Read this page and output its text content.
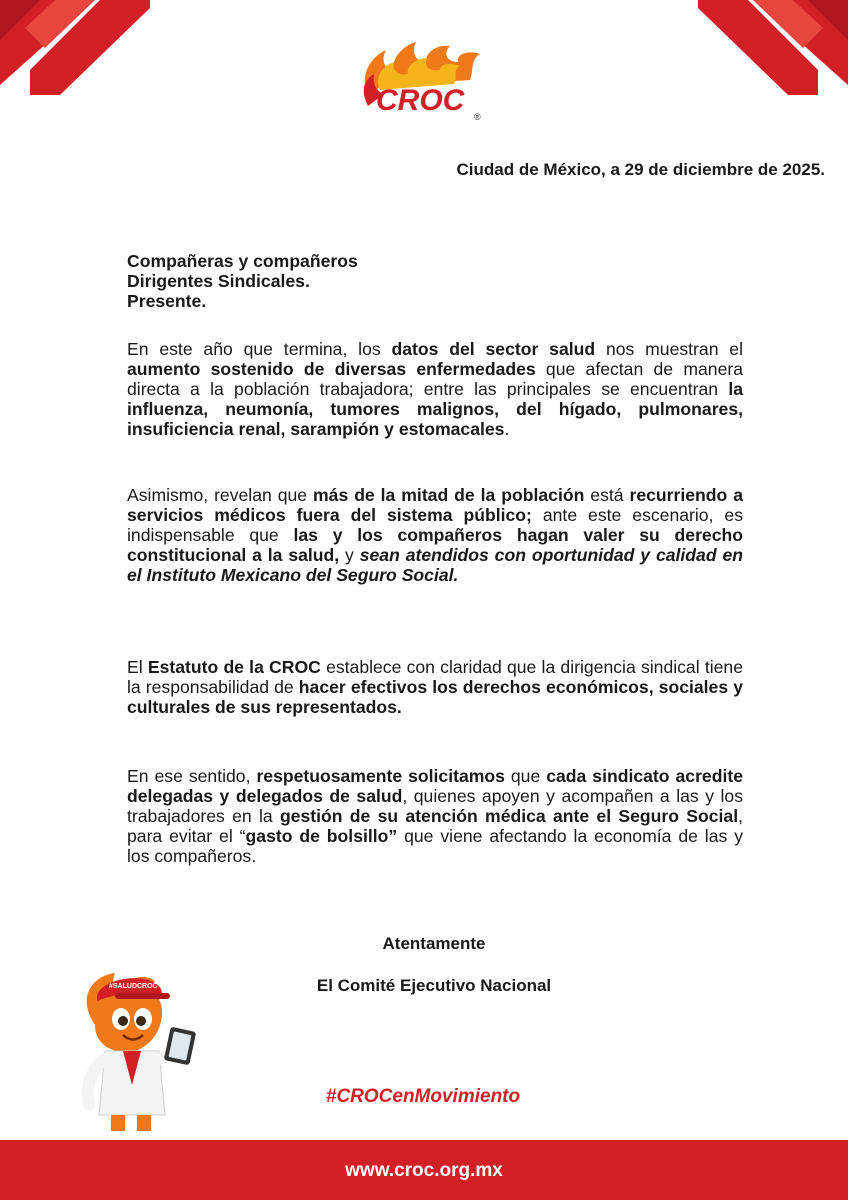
CROC ®
Ciudad de México, a 29 de diciembre de 2025.
Compañeras y compañeros
Dirigentes Sindicales.
Presente.
En este año que termina, los datos del sector salud nos muestran el aumento sostenido de diversas enfermedades que afectan de manera directa a la población trabajadora; entre las principales se encuentran la influenza, neumonía, tumores malignos, del hígado, pulmonares, insuficiencia renal, sarampión y estomacales.
Asimismo, revelan que más de la mitad de la población está recurriendo a servicios médicos fuera del sistema público; ante este escenario, es indispensable que las y los compañeros hagan valer su derecho constitucional a la salud, y sean atendidos con oportunidad y calidad en el Instituto Mexicano del Seguro Social.
El Estatuto de la CROC establece con claridad que la dirigencia sindical tiene la responsabilidad de hacer efectivos los derechos económicos, sociales y culturales de sus representados.
En ese sentido, respetuosamente solicitamos que cada sindicato acredite delegadas y delegados de salud, quienes apoyen y acompañen a las y los trabajadores en la gestión de su atención médica ante el Seguro Social, para evitar el “gasto de bolsillo” que viene afectando la economía de las y los compañeros.
Atentamente
El Comité Ejecutivo Nacional
#SALUDCROC
#CROCenMovimiento
www.croc.org.mx
